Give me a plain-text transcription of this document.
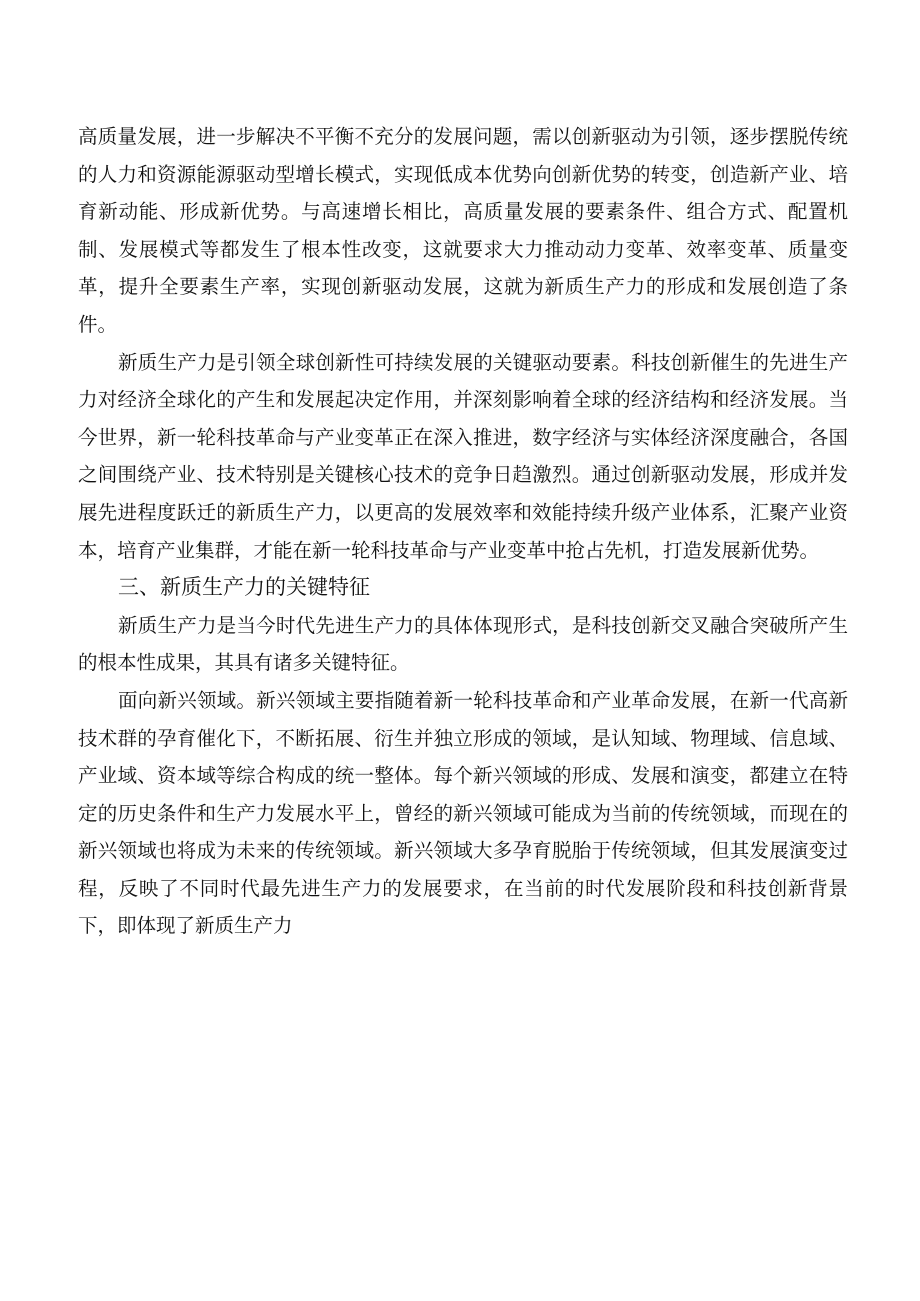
高质量发展，进一步解决不平衡不充分的发展问题，需以创新驱动为引领，逐步摆脱传统的人力和资源能源驱动型增长模式，实现低成本优势向创新优势的转变，创造新产业、培育新动能、形成新优势。与高速增长相比，高质量发展的要素条件、组合方式、配置机制、发展模式等都发生了根本性改变，这就要求大力推动动力变革、效率变革、质量变革，提升全要素生产率，实现创新驱动发展，这就为新质生产力的形成和发展创造了条件。

新质生产力是引领全球创新性可持续发展的关键驱动要素。科技创新催生的先进生产力对经济全球化的产生和发展起决定作用，并深刻影响着全球的经济结构和经济发展。当今世界，新一轮科技革命与产业变革正在深入推进，数字经济与实体经济深度融合，各国之间围绕产业、技术特别是关键核心技术的竞争日趋激烈。通过创新驱动发展，形成并发展先进程度跃迁的新质生产力，以更高的发展效率和效能持续升级产业体系，汇聚产业资本，培育产业集群，才能在新一轮科技革命与产业变革中抢占先机，打造发展新优势。

三、新质生产力的关键特征

新质生产力是当今时代先进生产力的具体体现形式，是科技创新交叉融合突破所产生的根本性成果，其具有诸多关键特征。

面向新兴领域。新兴领域主要指随着新一轮科技革命和产业革命发展，在新一代高新技术群的孕育催化下，不断拓展、衍生并独立形成的领域，是认知域、物理域、信息域、产业域、资本域等综合构成的统一整体。每个新兴领域的形成、发展和演变，都建立在特定的历史条件和生产力发展水平上，曾经的新兴领域可能成为当前的传统领域，而现在的新兴领域也将成为未来的传统领域。新兴领域大多孕育脱胎于传统领域，但其发展演变过程，反映了不同时代最先进生产力的发展要求，在当前的时代发展阶段和科技创新背景下，即体现了新质生产力
